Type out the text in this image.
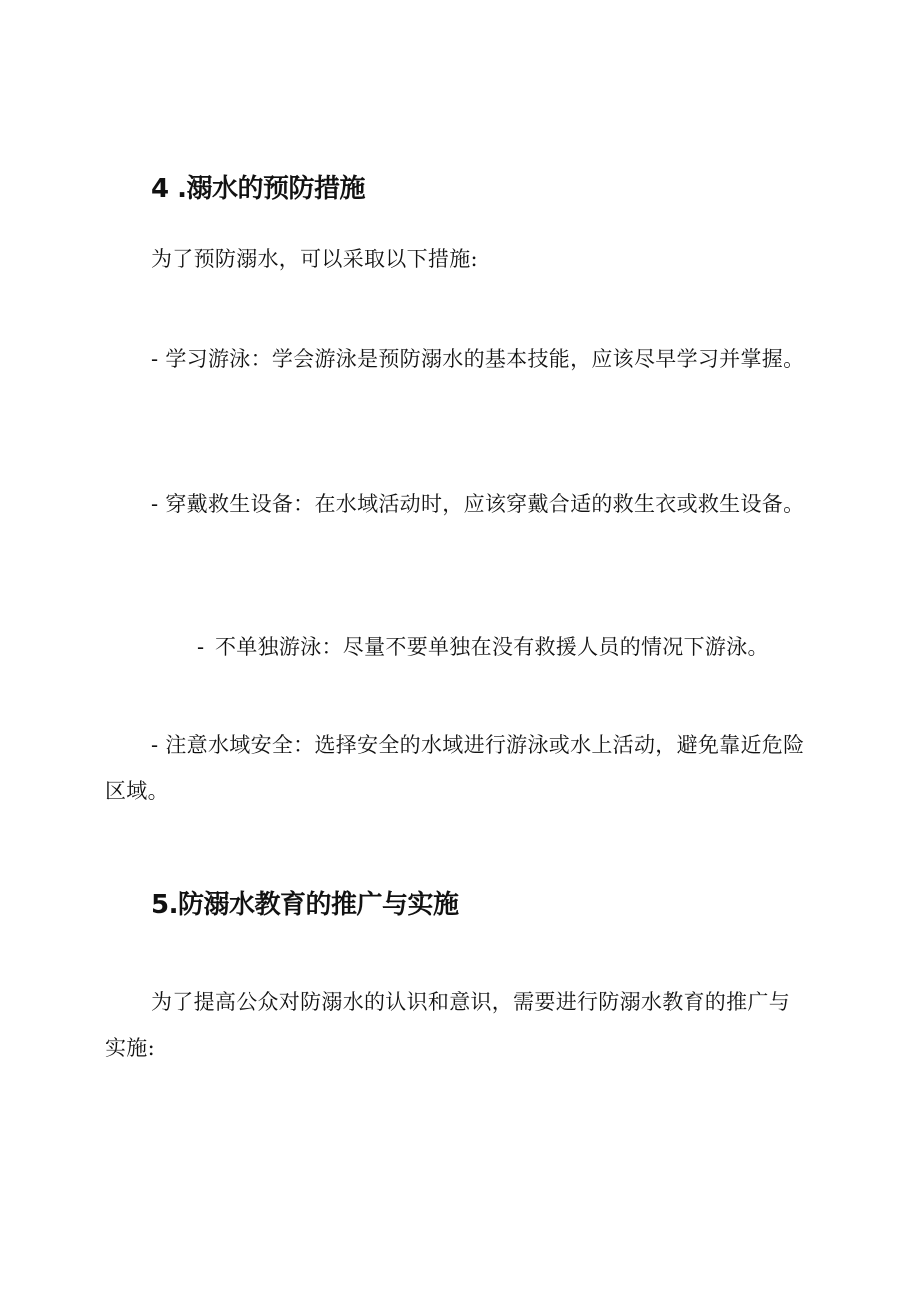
4 .溺水的预防措施

为了预防溺水，可以采取以下措施:

- 学习游泳：学会游泳是预防溺水的基本技能，应该尽早学习并掌握。

- 穿戴救生设备：在水域活动时，应该穿戴合适的救生衣或救生设备。

- 不单独游泳：尽量不要单独在没有救援人员的情况下游泳。

- 注意水域安全：选择安全的水域进行游泳或水上活动，避免靠近危险区域。

5.防溺水教育的推广与实施

为了提高公众对防溺水的认识和意识，需要进行防溺水教育的推广与实施:
